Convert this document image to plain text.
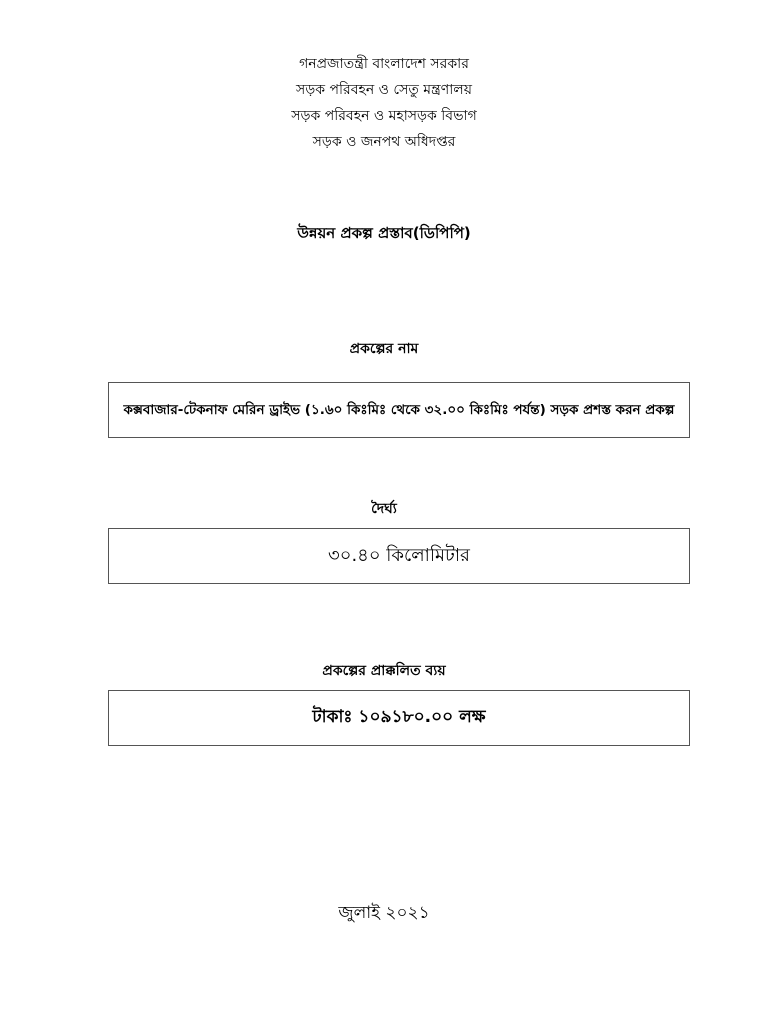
গনপ্রজাতন্ত্রী বাংলাদেশ সরকার
সড়ক পরিবহন ও সেতু মন্ত্রণালয়
সড়ক পরিবহন ও মহাসড়ক বিভাগ
সড়ক ও জনপথ অধিদপ্তর
উন্নয়ন প্রকল্প প্রস্তাব(ডিপিপি)
প্রকল্পের নাম
কক্সবাজার-টেকনাফ মেরিন ড্রাইভ (১.৬০ কিঃমিঃ থেকে ৩২.০০ কিঃমিঃ পর্যন্ত) সড়ক প্রশস্ত করন প্রকল্প
দৈর্ঘ্য
৩০.৪০ কিলোমিটার
প্রকল্পের প্রাক্কলিত ব্যয়
টাকাঃ ১০৯১৮০.০০ লক্ষ
জুলাই ২০২১
